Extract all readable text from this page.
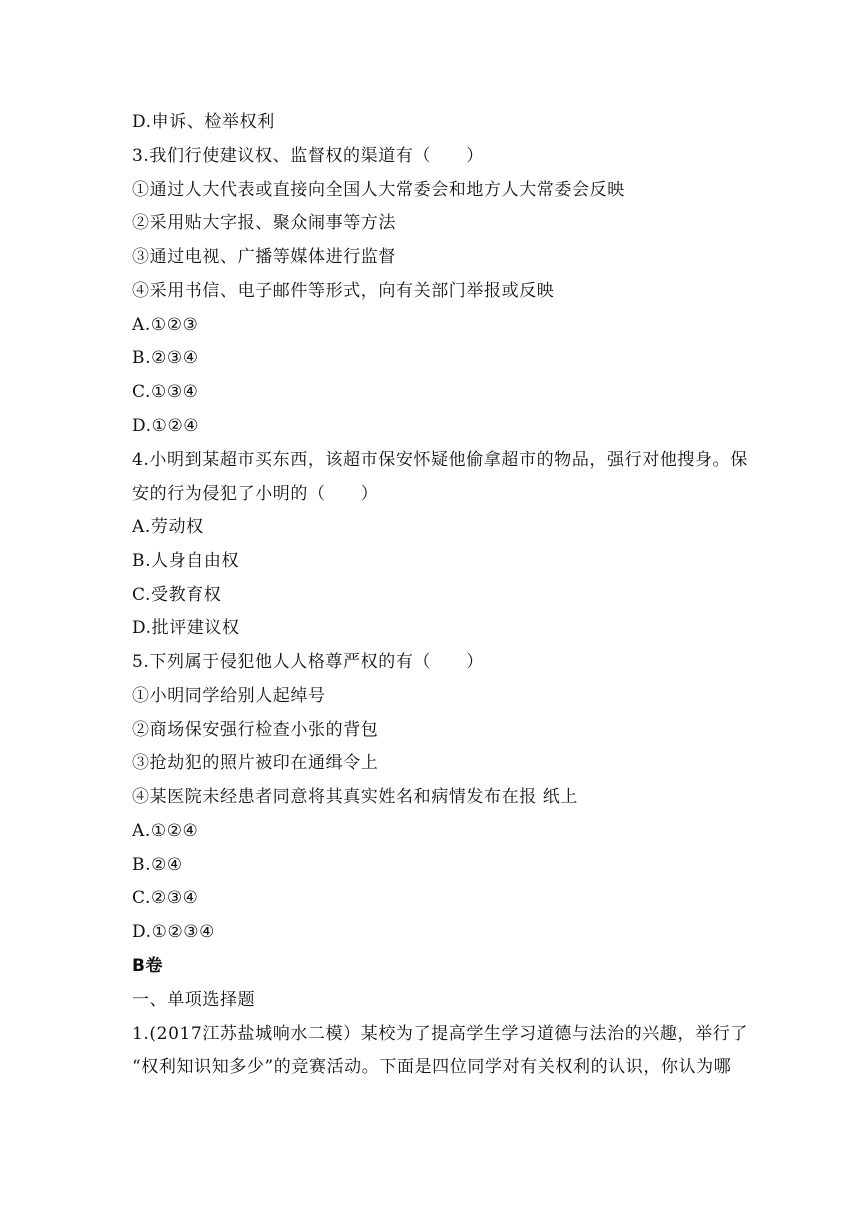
D.申诉、检举权利
3.我们行使建议权、监督权的渠道有（　　）
①通过人大代表或直接向全国人大常委会和地方人大常委会反映
②采用贴大字报、聚众闹事等方法
③通过电视、广播等媒体进行监督
④采用书信、电子邮件等形式，向有关部门举报或反映
A.①②③
B.②③④
C.①③④
D.①②④
4.小明到某超市买东西，该超市保安怀疑他偷拿超市的物品，强行对他搜身。保
安的行为侵犯了小明的（　　）
A.劳动权
B.人身自由权
C.受教育权
D.批评建议权
5.下列属于侵犯他人人格尊严权的有（　　）
①小明同学给别人起绰号
②商场保安强行检查小张的背包
③抢劫犯的照片被印在通缉令上
④某医院未经患者同意将其真实姓名和病情发布在报 纸上
A.①②④
B.②④
C.②③④
D.①②③④
B卷
一、单项选择题
1.(2017江苏盐城响水二模）某校为了提高学生学习道德与法治的兴趣，举行了
“权利知识知多少”的竞赛活动。下面是四位同学对有关权利的认识，你认为哪
